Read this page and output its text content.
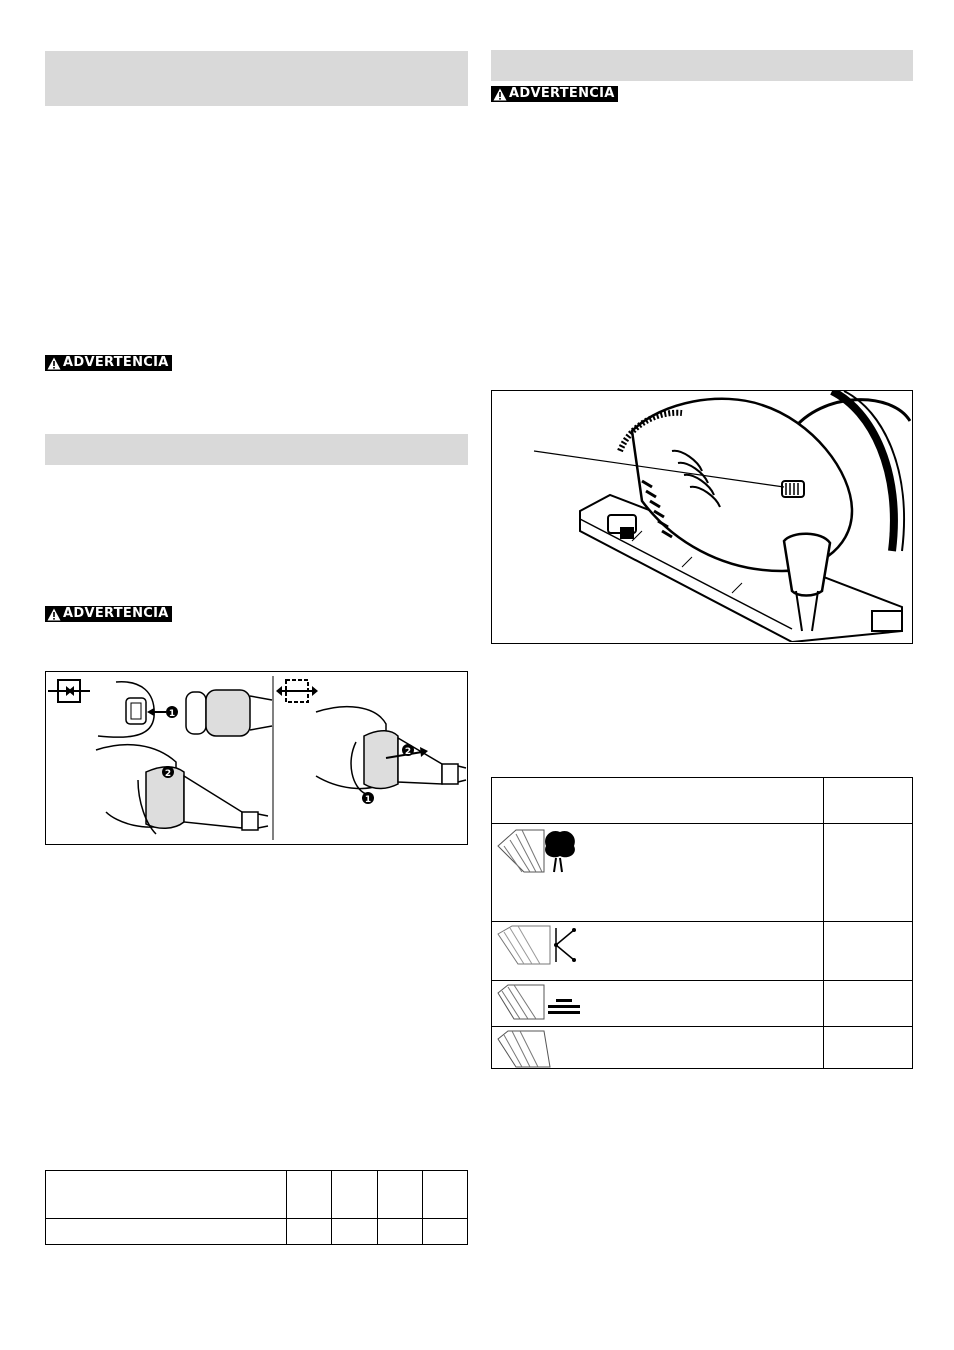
ADVERTENCIA
ADVERTENCIA
1
2
2
1

ADVERTENCIA
